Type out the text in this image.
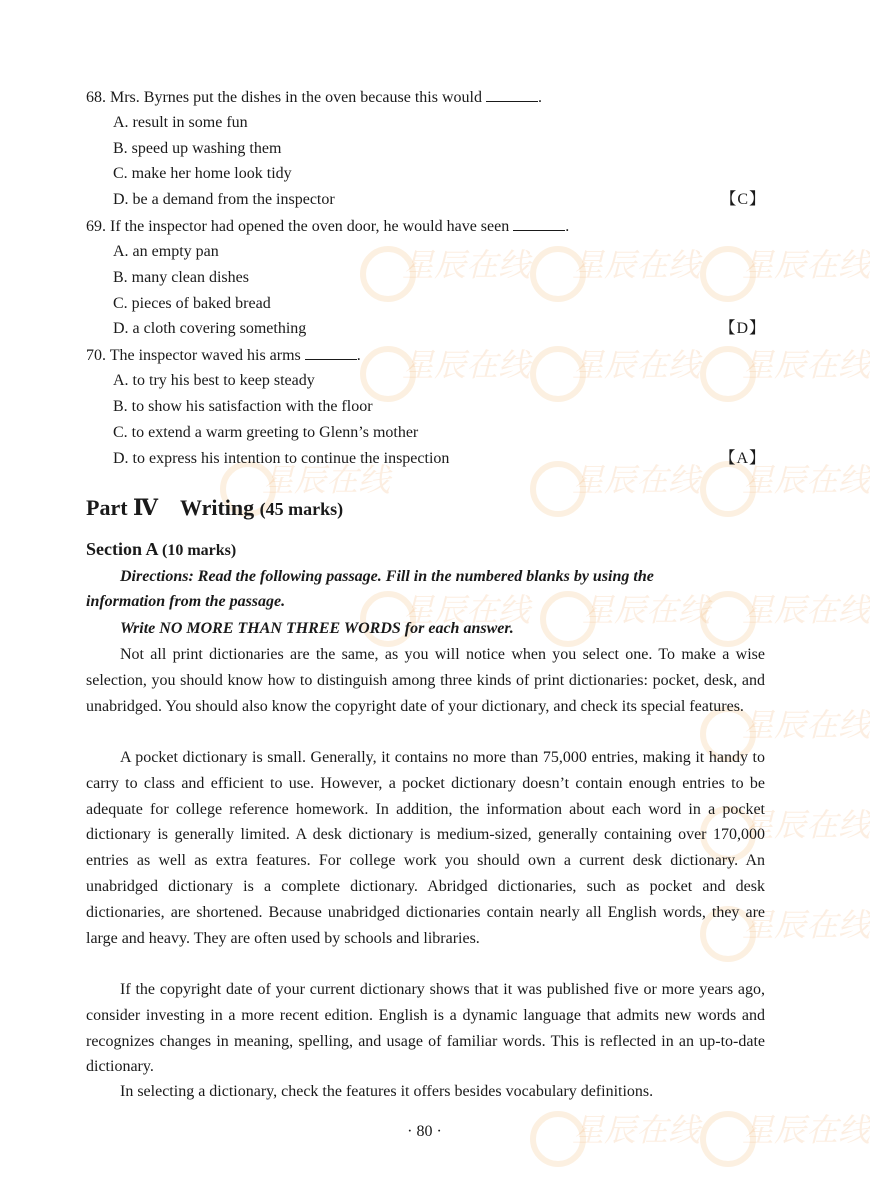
星辰在线 星辰在线 星辰在线
星辰在线 星辰在线 星辰在线
星辰在线	星辰在线 星辰在线
星辰在线 星辰在线 星辰在线
星辰在线
星辰在线
星辰在线
星辰在线 星辰在线
68. Mrs. Byrnes put the dishes in the oven because this would	.
A. result in some fun
B. speed up washing them
C. make her home look tidy
D. be a demand from the inspector	【C】
69. If the inspector had opened the oven door, he would have seen	.
A. an empty pan
B. many clean dishes
C. pieces of baked bread
D. a cloth covering something	【D】
70. The inspector waved his arms	.
A. to try his best to keep steady
B. to show his satisfaction with the floor
C. to extend a warm greeting to Glenn’s mother
D. to express his intention to continue the inspection	【A】
Part Ⅳ Writing (45 marks)
Section A (10 marks)
Directions: Read the following passage. Fill in the numbered blanks by using the
information from the passage.
Write NO MORE THAN THREE WORDS for each answer.

Not all print dictionaries are the same, as you will notice when you select one. To make a wise selection, you should know how to distinguish among three kinds of print dictionaries: pocket, desk, and unabridged. You should also know the copyright date of your dictionary, and check its special features.

A pocket dictionary is small. Generally, it contains no more than 75,000 entries, making it handy to carry to class and efficient to use. However, a pocket dictionary doesn’t contain enough entries to be adequate for college reference homework. In addition, the information about each word in a pocket dictionary is generally limited. A desk dictionary is medium-sized, generally containing over 170,000 entries as well as extra features. For college work you should own a current desk dictionary. An unabridged dictionary is a complete dictionary. Abridged dictionaries, such as pocket and desk dictionaries, are shortened. Because unabridged dictionaries contain nearly all English words, they are large and heavy. They are often used by schools and libraries.

If the copyright date of your current dictionary shows that it was published five or more years ago, consider investing in a more recent edition. English is a dynamic language that admits new words and recognizes changes in meaning, spelling, and usage of familiar words. This is reflected in an up-to-date dictionary.

In selecting a dictionary, check the features it offers besides vocabulary definitions.

· 80 ·
